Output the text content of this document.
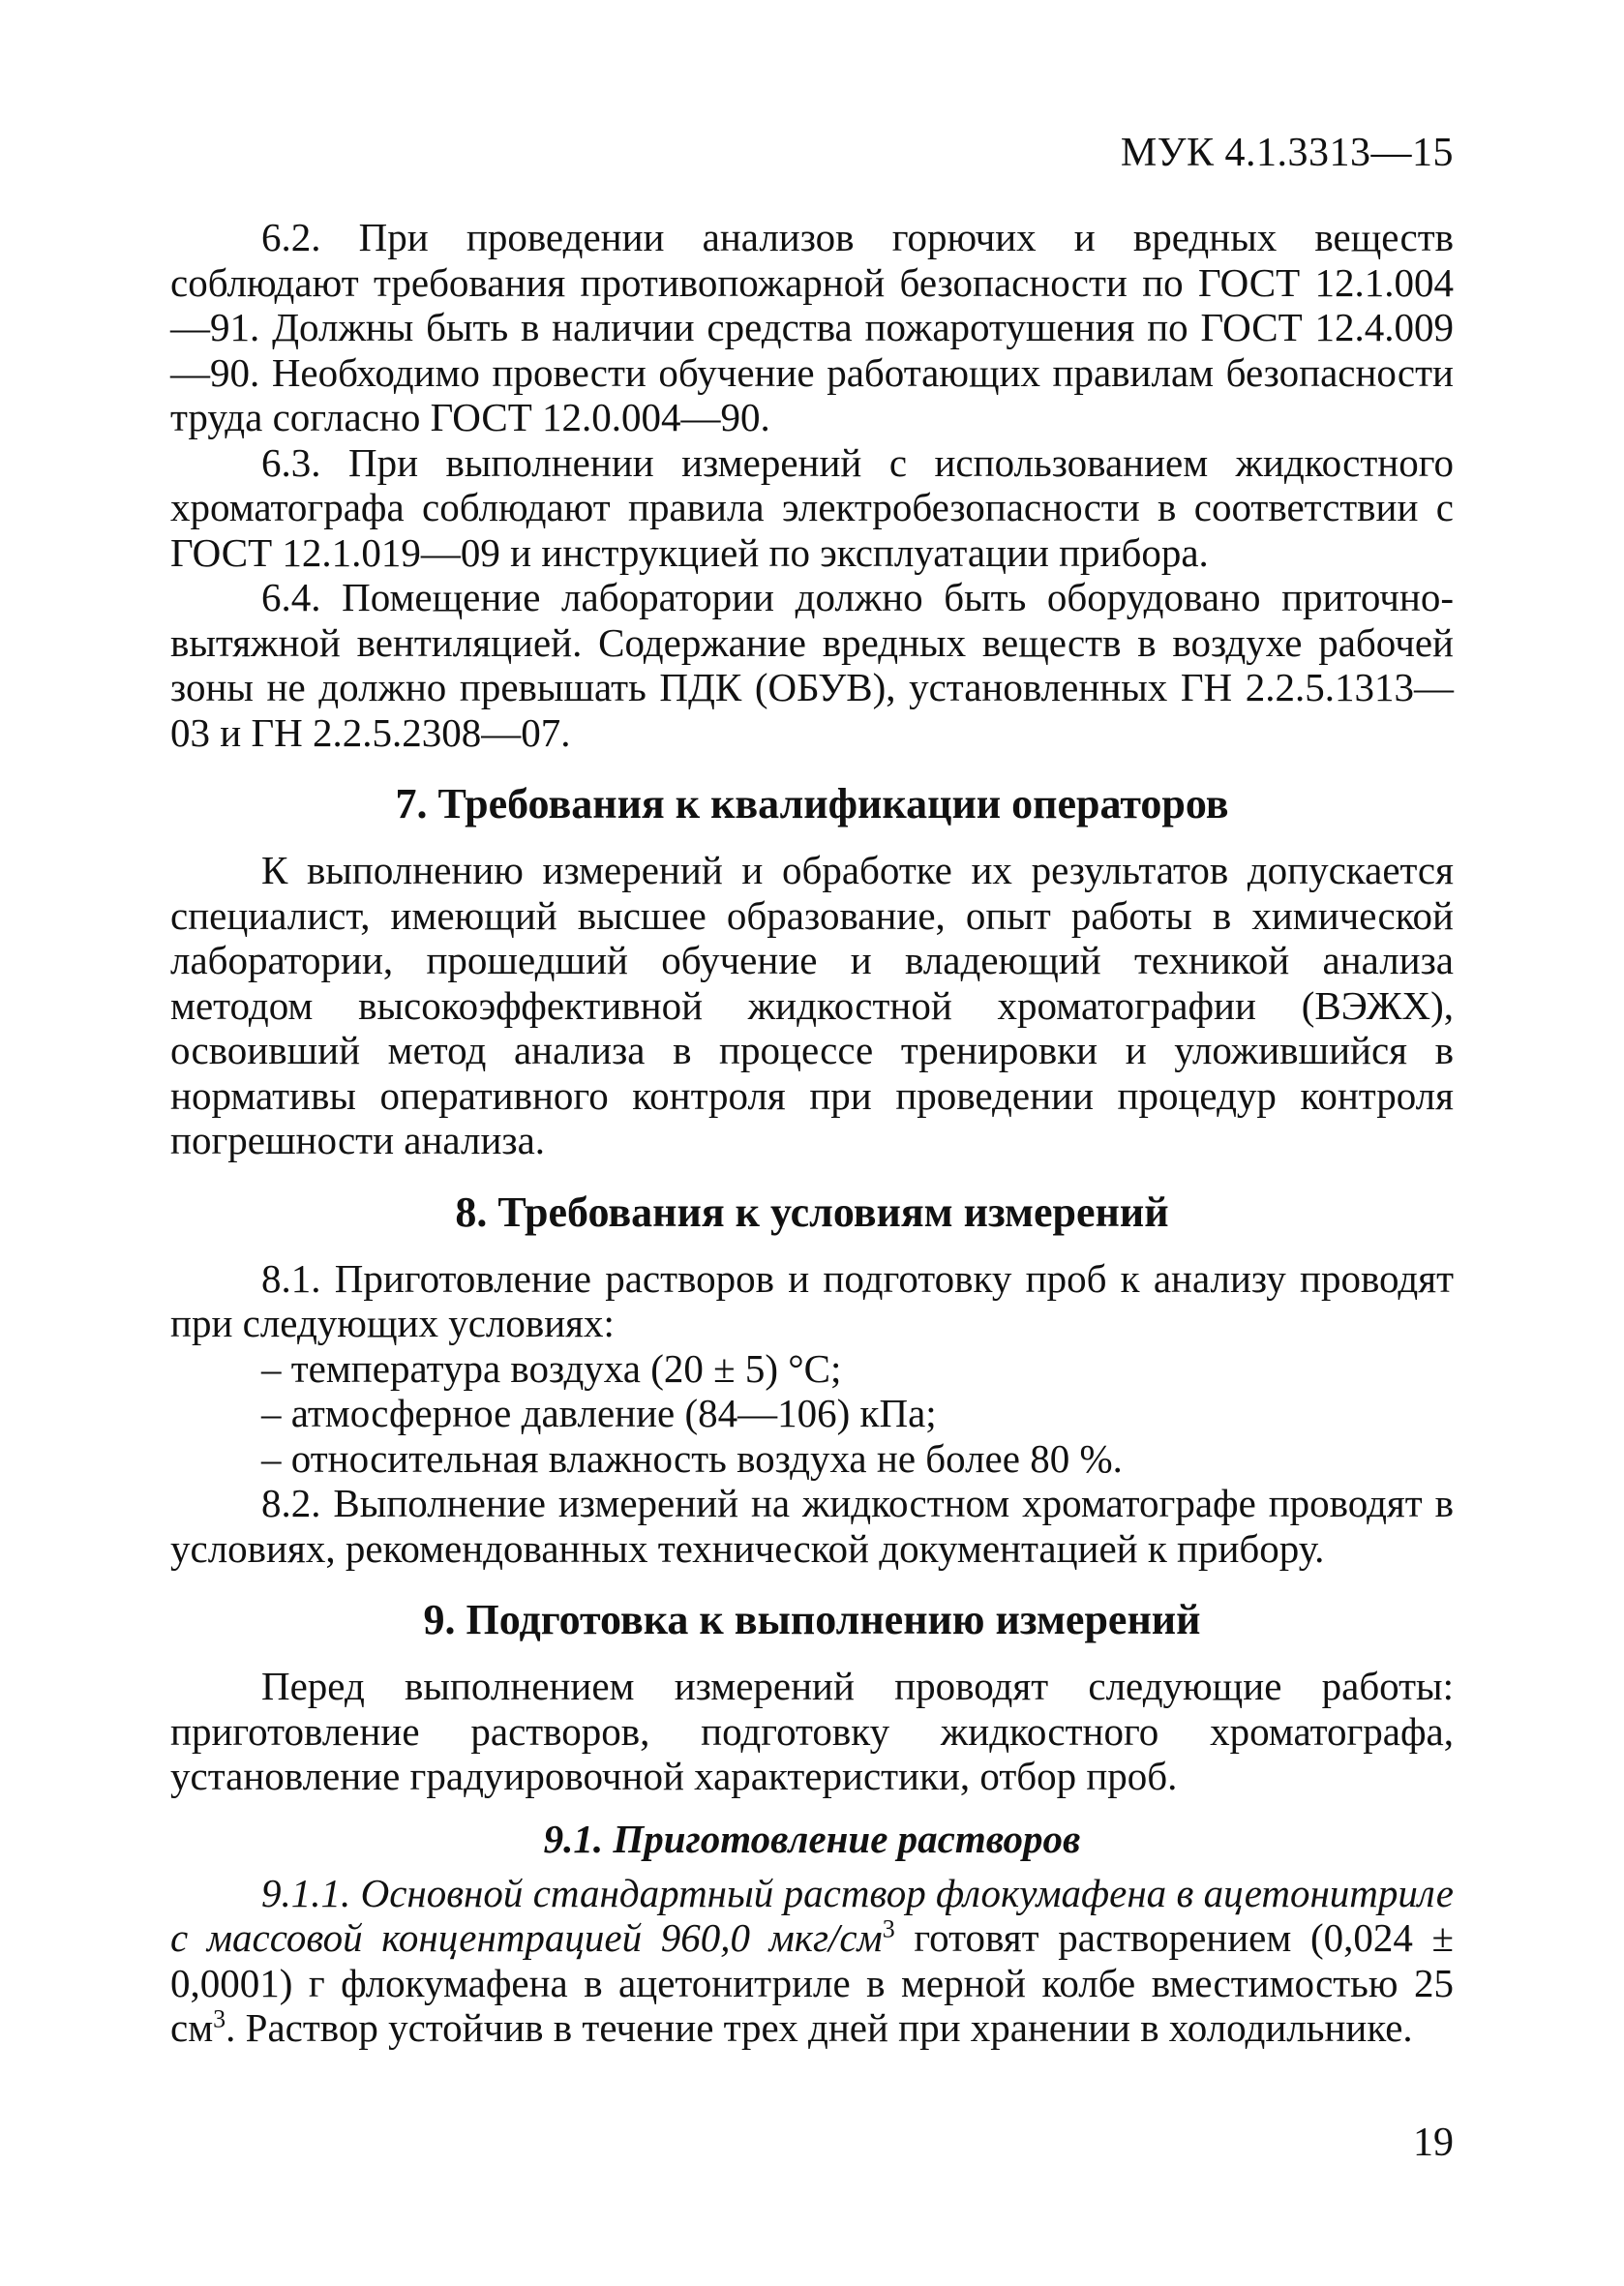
МУК 4.1.3313—15

6.2. При проведении анализов горючих и вредных веществ соблюдают требования противопожарной безопасности по ГОСТ 12.1.004—91. Должны быть в наличии средства пожаротушения по ГОСТ 12.4.009—90. Необходимо провести обучение работающих правилам безопасности труда согласно ГОСТ 12.0.004—90.

6.3. При выполнении измерений с использованием жидкостного хроматографа соблюдают правила электробезопасности в соответствии с ГОСТ 12.1.019—09 и инструкцией по эксплуатации прибора.

6.4. Помещение лаборатории должно быть оборудовано приточно-вытяжной вентиляцией. Содержание вредных веществ в воздухе рабочей зоны не должно превышать ПДК (ОБУВ), установленных ГН 2.2.5.1313—03 и ГН 2.2.5.2308—07.

7. Требования к квалификации операторов

К выполнению измерений и обработке их результатов допускается специалист, имеющий высшее образование, опыт работы в химической лаборатории, прошедший обучение и владеющий техникой анализа методом высокоэффективной жидкостной хроматографии (ВЭЖХ), освоивший метод анализа в процессе тренировки и уложившийся в нормативы оперативного контроля при проведении процедур контроля погрешности анализа.

8. Требования к условиям измерений

8.1. Приготовление растворов и подготовку проб к анализу проводят при следующих условиях:

– температура воздуха (20 ± 5) °С;

– атмосферное давление (84—106) кПа;

– относительная влажность воздуха не более 80 %.

8.2. Выполнение измерений на жидкостном хроматографе проводят в условиях, рекомендованных технической документацией к прибору.

9. Подготовка к выполнению измерений

Перед выполнением измерений проводят следующие работы: приготовление растворов, подготовку жидкостного хроматографа, установление градуировочной характеристики, отбор проб.

9.1. Приготовление растворов

9.1.1. Основной стандартный раствор флокумафена в ацетонитриле с массовой концентрацией 960,0 мкг/$см^3$ готовят растворением (0,024 ± 0,0001) г флокумафена в ацетонитриле в мерной колбе вместимостью 25 $см^3$. Раствор устойчив в течение трех дней при хранении в холодильнике.

19
